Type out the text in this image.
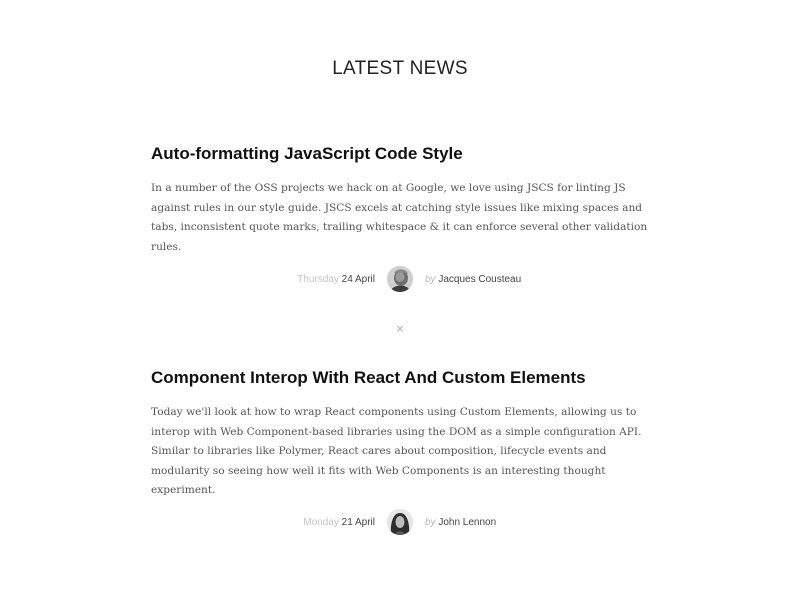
LATEST NEWS
Auto-formatting JavaScript Code Style

In a number of the OSS projects we hack on at Google, we love using JSCS for linting JS against rules in our style guide. JSCS excels at catching style issues like mixing spaces and tabs, inconsistent quote marks, trailing whitespace & it can enforce several other validation rules.

Thursday 24 April	by Jacques Cousteau
×
Component Interop With React And Custom Elements

Today we'll look at how to wrap React components using Custom Elements, allowing us to interop with Web Component-based libraries using the DOM as a simple configuration API. Similar to libraries like Polymer, React cares about composition, lifecycle events and modularity so seeing how well it fits with Web Components is an interesting thought experiment.

Monday 21 April	by John Lennon
